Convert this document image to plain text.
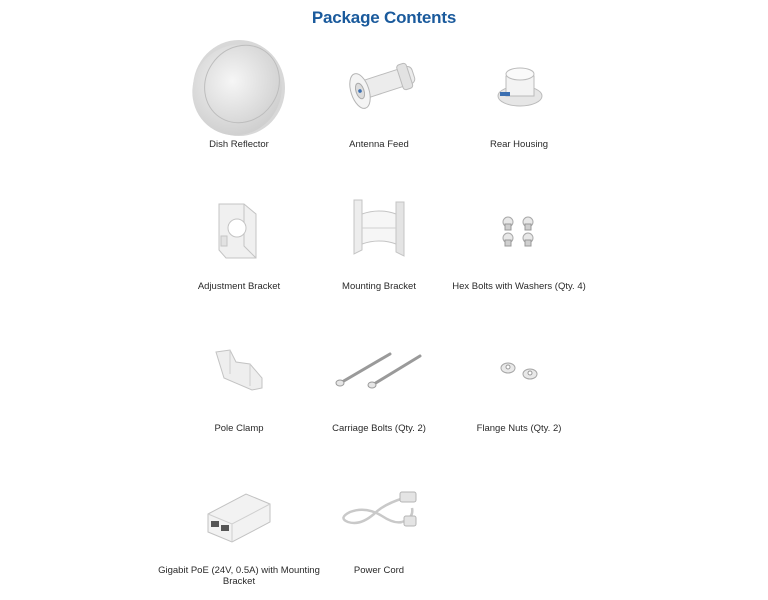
Package Contents
Dish Reflector	Antenna Feed	Rear Housing
Adjustment Bracket	Mounting Bracket	Hex Bolts with Washers (Qty. 4)
Pole Clamp	Carriage Bolts (Qty. 2)	Flange Nuts (Qty. 2)
Gigabit PoE (24V, 0.5A) with Mounting Bracket
Power Cord
